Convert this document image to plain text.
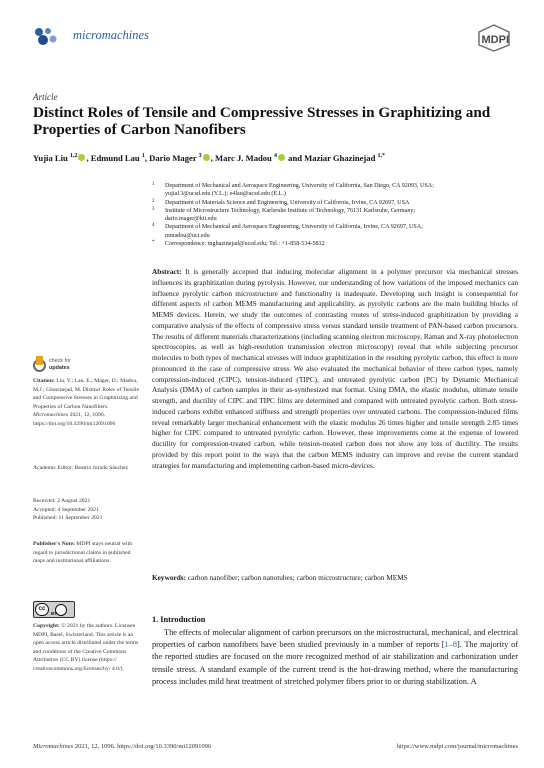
micromachines	MDPI
Article
Distinct Roles of Tensile and Compressive Stresses in Graphitizing and Properties of Carbon Nanofibers
Yujia Liu $^{1,2}$ , Edmund Lau $^1$, Dario Mager $^3$ , Marc J. Madou $^4$ and Maziar Ghazinejad $^{1,*}$
1 Department of Mechanical and Aerospace Engineering, University of California, San Diego, CA 92093, USA;
yujia13@ucsd.edu (Y.L.); e4lau@ucsd.edu (E.L.)
2 Department of Materials Science and Engineering, University of California, Irvine, CA 92697, USA
3 Institute of Microstructure Technology, Karlsruhe Institute of Technology, 76131 Karlsruhe, Germany;
dario.mager@kit.edu
4 Department of Mechanical and Aerospace Engineering, University of California, Irvine, CA 92697, USA;
mmadou@uci.edu
* Correspondence: mghazinejad@ucsd.edu; Tel.: +1-858-534-5832
check for
updates
Citation: Liu, Y.; Lau, E.; Mager, D.; Madou, M.J.; Ghazinejad, M. Distinct Roles of Tensile and Compressive Stresses in Graphitizing and Properties of Carbon Nanofibers. Micromachines 2021, 12, 1096. https://doi.org/10.3390/mi12091096
Academic Editor: Beatriz Jurado Sánchez
Received: 2 August 2021
Accepted: 4 September 2021
Published: 11 September 2021
Publisher's Note: MDPI stays neutral with regard to jurisdictional claims in published maps and institutional affiliations.
cc
BY
Copyright: © 2021 by the authors. Licensee MDPI, Basel, Switzerland. This article is an open access article distributed under the terms and conditions of the Creative Commons Attribution (CC BY) license (https:// creativecommons.org/licenses/by/ 4.0/).
Abstract: It is generally accepted that inducing molecular alignment in a polymer precursor via mechanical stresses influences its graphitization during pyrolysis. However, our understanding of how variations of the imposed mechanics can influence pyrolytic carbon microstructure and functionality is inadequate. Developing such insight is consequential for different aspects of carbon MEMS manufacturing and applicability, as pyrolytic carbons are the main building blocks of MEMS devices. Herein, we study the outcomes of contrasting routes of stress-induced graphitization by providing a comparative analysis of the effects of compressive stress versus standard tensile treatment of PAN-based carbon precursors. The results of different materials characterizations (including scanning electron microscopy, Raman and X-ray photoelectron spectroscopies, as well as high-resolution transmission electron microscopy) reveal that while subjecting precursor molecules to both types of mechanical stresses will induce graphitization in the resulting pyrolytic carbon, this effect is more pronounced in the case of compressive stress. We also evaluated the mechanical behavior of three carbon types, namely compression-induced (CIPC), tension-induced (TIPC), and untreated pyrolytic carbon (PC) by Dynamic Mechanical Analysis (DMA) of carbon samples in their as-synthesized mat format. Using DMA, the elastic modulus, ultimate tensile strength, and ductility of CIPC and TIPC films are determined and compared with untreated pyrolytic carbon. Both stress-induced carbons exhibit enhanced stiffness and strength properties over untreated carbons. The compression-induced films reveal remarkably larger mechanical enhancement with the elastic modulus 26 times higher and tensile strength 2.85 times higher for CIPC compared to untreated pyrolytic carbon. However, these improvements come at the expense of lowered ductility for compression-treated carbon, while tension-treated carbon does not show any loss of ductility. The results provided by this report point to the ways that the carbon MEMS industry can improve and revise the current standard strategies for manufacturing and implementing carbon-based micro-devices.
Keywords: carbon nanofiber; carbon nanotubes; carbon microstructure; carbon MEMS
1. Introduction
The effects of molecular alignment of carbon precursors on the microstructural, mechanical, and electrical properties of carbon nanofibers have been studied previously in a number of reports [1–8]. The majority of the reported studies are focused on the more recognized method of air stabilization and carbonization under tensile stress. A standard example of the current trend is the hot-drawing method, where the manufacturing process includes mild heat treatment of stretched polymer fibers prior to or during stabilization. A
Micromachines 2021, 12, 1096. https://doi.org/10.3390/mi12091096	https://www.mdpi.com/journal/micromachines
